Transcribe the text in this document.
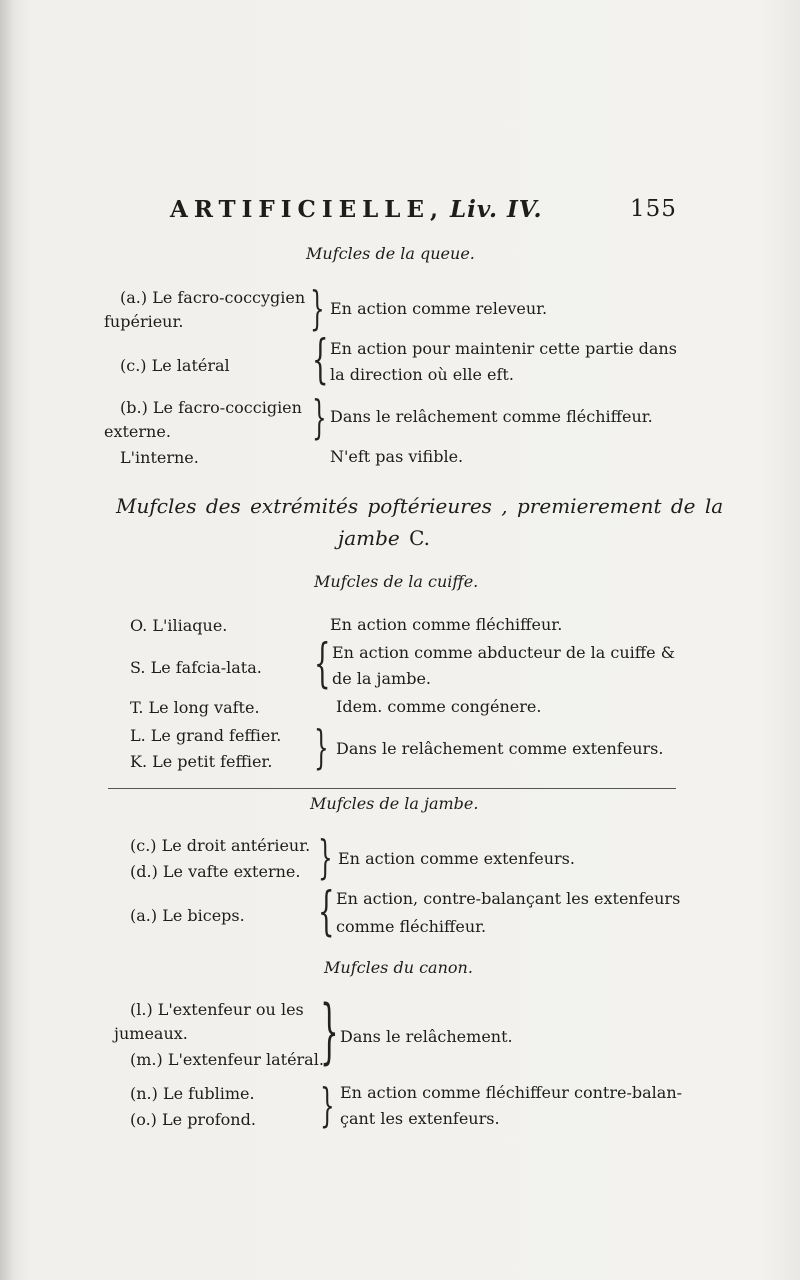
ARTIFICIELLE, Liv. IV.	155
Mufcles de la queue.
(a.) Le facro-coccygien
fupérieur.	} En action comme releveur.
(c.) Le latéral { En action pour maintenir cette partie dans
la direction où elle eft.
(b.) Le facro-coccigien
externe.	} Dans le relâchement comme fléchiffeur.
L'interne.	N'eft pas vifible.
Mufcles des extrémités poftérieures , premierement de la
jambe C.
Mufcles de la cuiffe.
O. L'iliaque.	En action comme fléchiffeur.
S. Le fafcia-lata. { En action comme abducteur de la cuiffe &
de la jambe.
T. Le long vafte.	Idem. comme congénere.
L. Le grand feffier.
K. Le petit feffier. } Dans le relâchement comme extenfeurs.
Mufcles de la jambe.
(c.) Le droit antérieur.
(d.) Le vafte externe. } En action comme extenfeurs.
(a.) Le biceps. { En action, contre-balançant les extenfeurs
comme fléchiffeur.
Mufcles du canon.
(l.) L'extenfeur ou les
jumeaux.
(m.) L'extenfeur latéral.
} Dans le relâchement.
(n.) Le fublime.
(o.) Le profond. } En action comme fléchiffeur contre-balan-
çant les extenfeurs.
